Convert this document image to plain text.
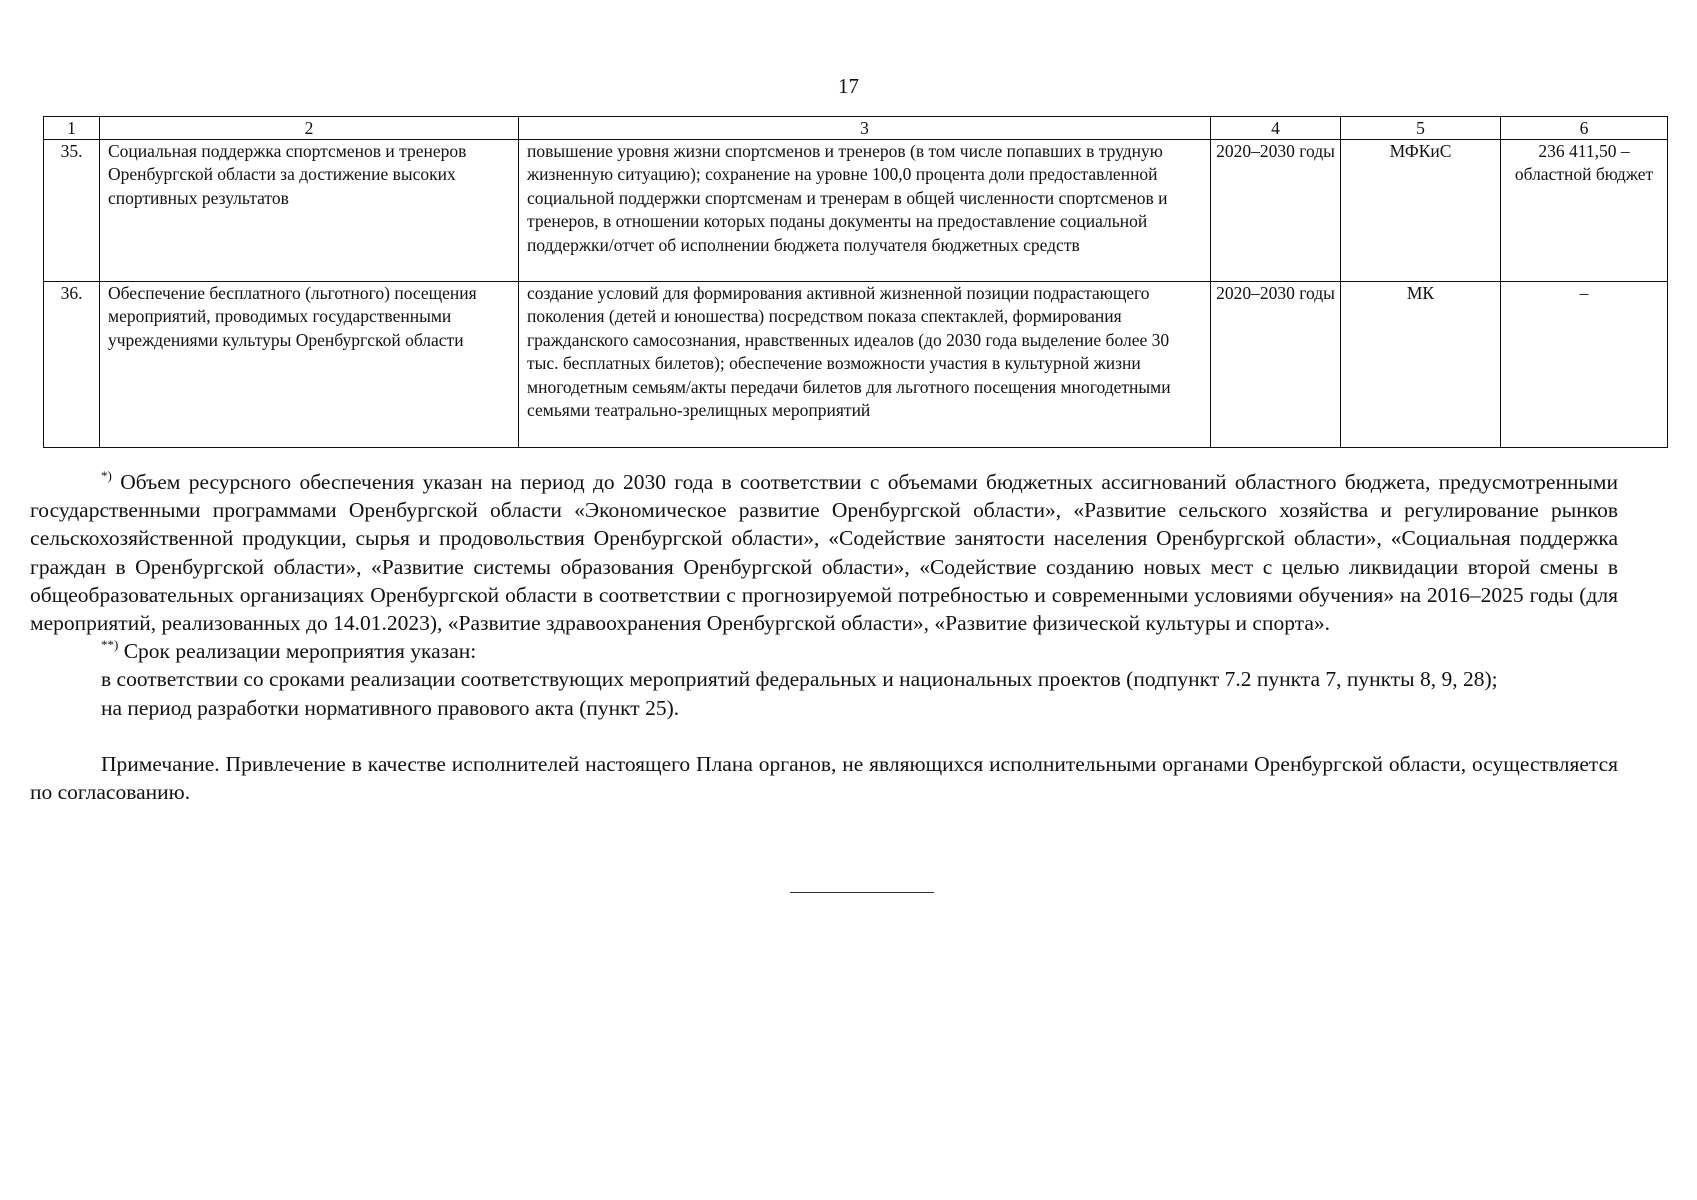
17
1	2	3	4	5	6
35.	Социальная поддержка спортсменов и тренеров Оренбургской области за достижение высоких спортивных результатов	повышение уровня жизни спортсменов и тренеров (в том числе попавших в трудную жизненную ситуацию); сохранение на уровне 100,0 процента доли предоставленной социальной поддержки спортсменам и тренерам в общей численности спортсменов и тренеров, в отношении которых поданы документы на предоставление социальной поддержки/отчет об исполнении бюджета получателя бюджетных средств	2020–2030 годы	МФКиС	236 411,50 – областной бюджет
36.	Обеспечение бесплатного (льготного) посещения мероприятий, проводимых государственными учреждениями культуры Оренбургской области	создание условий для формирования активной жизненной позиции подрастающего поколения (детей и юношества) посредством показа спектаклей, формирования гражданского самосознания, нравственных идеалов (до 2030 года выделение более 30 тыс. бесплатных билетов); обеспечение возможности участия в культурной жизни многодетным семьям/акты передачи билетов для льготного посещения многодетными семьями театрально-зрелищных мероприятий	2020–2030 годы	МК	–

*) Объем ресурсного обеспечения указан на период до 2030 года в соответствии с объемами бюджетных ассигнований областного бюджета, предусмотренными государственными программами Оренбургской области «Экономическое развитие Оренбургской области», «Развитие сельского хозяйства и регулирование рынков сельскохозяйственной продукции, сырья и продовольствия Оренбургской области», «Содействие занятости населения Оренбургской области», «Социальная поддержка граждан в Оренбургской области», «Развитие системы образования Оренбургской области», «Содействие созданию новых мест с целью ликвидации второй смены в общеобразовательных организациях Оренбургской области в соответствии с прогнозируемой потребностью и современными условиями обучения» на 2016–2025 годы (для мероприятий, реализованных до 14.01.2023), «Развитие здравоохранения Оренбургской области», «Развитие физической культуры и спорта».

**) Срок реализации мероприятия указан:

в соответствии со сроками реализации соответствующих мероприятий федеральных и национальных проектов (подпункт 7.2 пункта 7, пункты 8, 9, 28);

на период разработки нормативного правового акта (пункт 25).

Примечание. Привлечение в качестве исполнителей настоящего Плана органов, не являющихся исполнительными органами Оренбургской области, осуществляется по согласованию.
